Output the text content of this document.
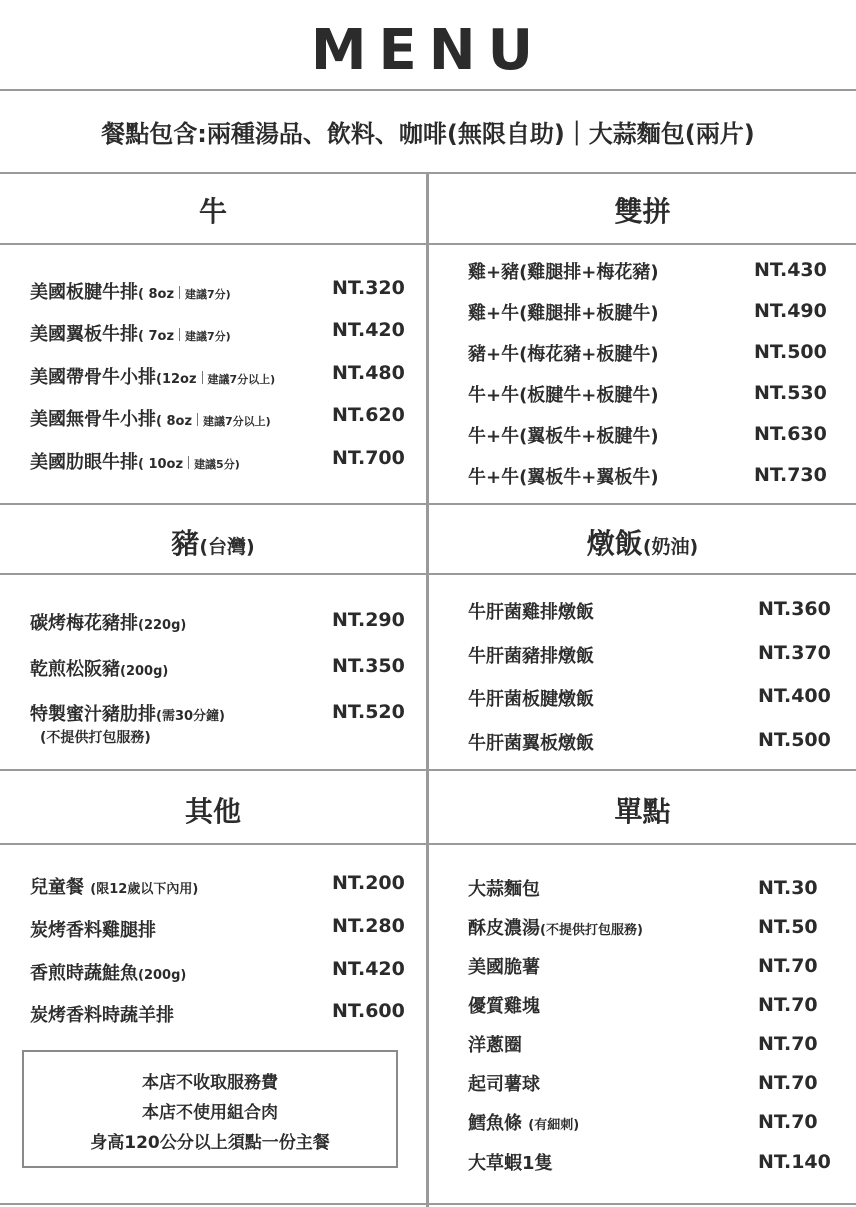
MENU
餐點包含:兩種湯品、飲料、咖啡(無限自助)｜大蒜麵包(兩片)
牛
美國板腱牛排( 8oz 建議7分)	NT.320
美國翼板牛排( 7oz 建議7分)	NT.420
美國帶骨牛小排(12oz 建議7分以上)	NT.480
美國無骨牛小排( 8oz 建議7分以上)	NT.620
美國肋眼牛排( 10oz 建議5分)	NT.700
雙拼
雞+豬(雞腿排+梅花豬)	NT.430
雞+牛(雞腿排+板腱牛)	NT.490
豬+牛(梅花豬+板腱牛)	NT.500
牛+牛(板腱牛+板腱牛)	NT.530
牛+牛(翼板牛+板腱牛)	NT.630
牛+牛(翼板牛+翼板牛)	NT.730
豬(台灣)
碳烤梅花豬排(220g)	NT.290
乾煎松阪豬(200g)	NT.350
特製蜜汁豬肋排(需30分鐘)	NT.520
(不提供打包服務)
燉飯(奶油)
牛肝菌雞排燉飯	NT.360
牛肝菌豬排燉飯	NT.370
牛肝菌板腱燉飯	NT.400
牛肝菌翼板燉飯	NT.500
其他
兒童餐 (限12歲以下內用)	NT.200
炭烤香料雞腿排	NT.280
香煎時蔬鮭魚(200g)	NT.420
炭烤香料時蔬羊排	NT.600
本店不收取服務費
本店不使用組合肉
身高120公分以上須點一份主餐
單點
大蒜麵包	NT.30
酥皮濃湯(不提供打包服務)	NT.50
美國脆薯	NT.70
優質雞塊	NT.70
洋蔥圈	NT.70
起司薯球	NT.70
鱈魚條 (有細刺)	NT.70
大草蝦1隻	NT.140
